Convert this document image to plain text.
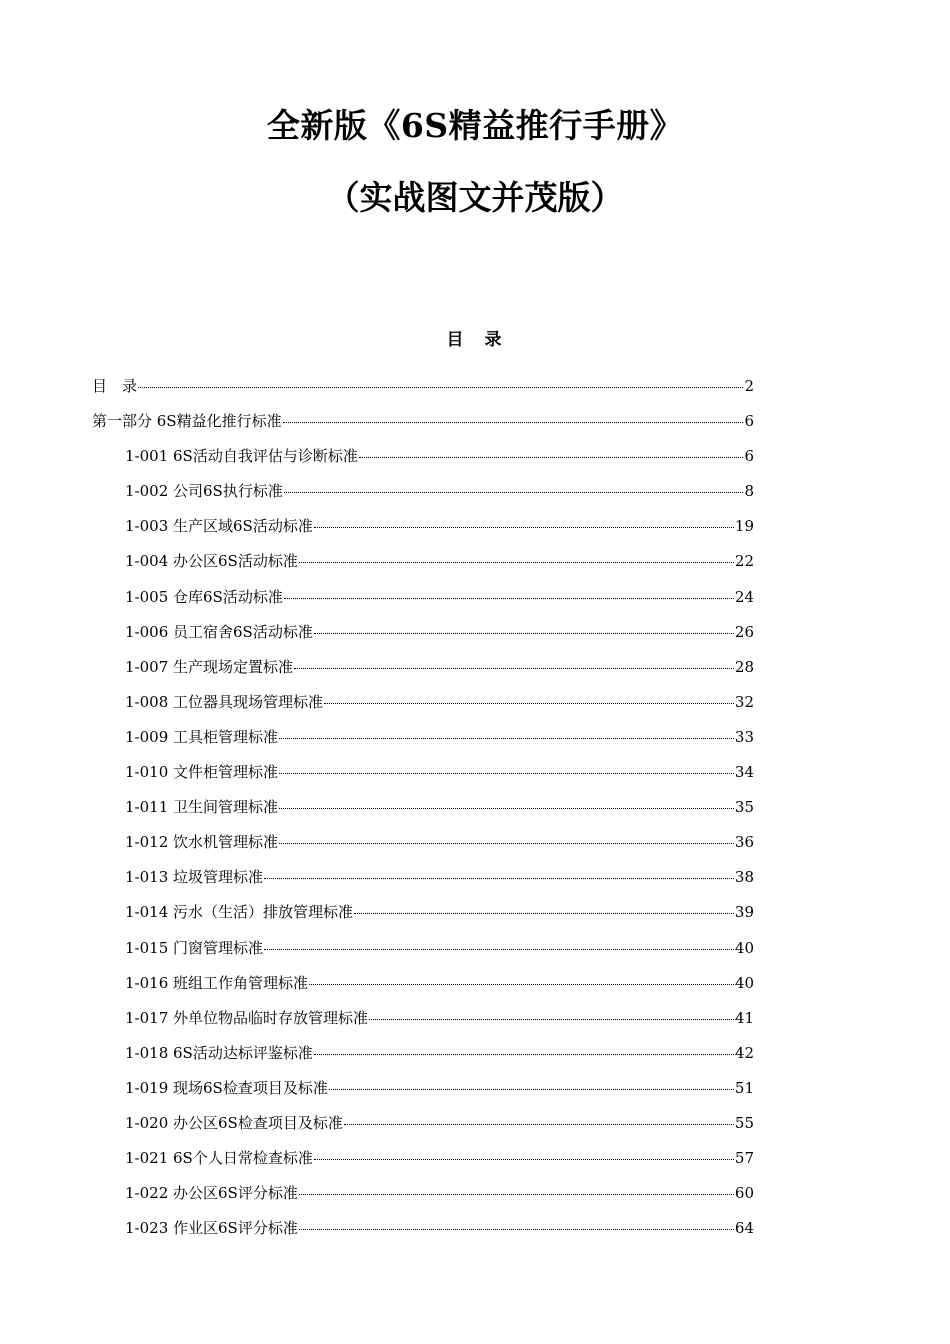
全新版《6S精益推行手册》
（实战图文并茂版）
目　录
目　录	2
第一部分 6S精益化推行标准	6
1-001 6S活动自我评估与诊断标准	6
1-002 公司6S执行标准	8
1-003 生产区域6S活动标准	19
1-004 办公区6S活动标准	22
1-005 仓库6S活动标准	24
1-006 员工宿舍6S活动标准	26
1-007 生产现场定置标准	28
1-008 工位器具现场管理标准	32
1-009 工具柜管理标准	33
1-010 文件柜管理标准	34
1-011 卫生间管理标准	35
1-012 饮水机管理标准	36
1-013 垃圾管理标准	38
1-014 污水（生活）排放管理标准	39
1-015 门窗管理标准	40
1-016 班组工作角管理标准	40
1-017 外单位物品临时存放管理标准	41
1-018 6S活动达标评鉴标准	42
1-019 现场6S检查项目及标准	51
1-020 办公区6S检查项目及标准	55
1-021 6S个人日常检查标准	57
1-022 办公区6S评分标准	60
1-023 作业区6S评分标准	64
